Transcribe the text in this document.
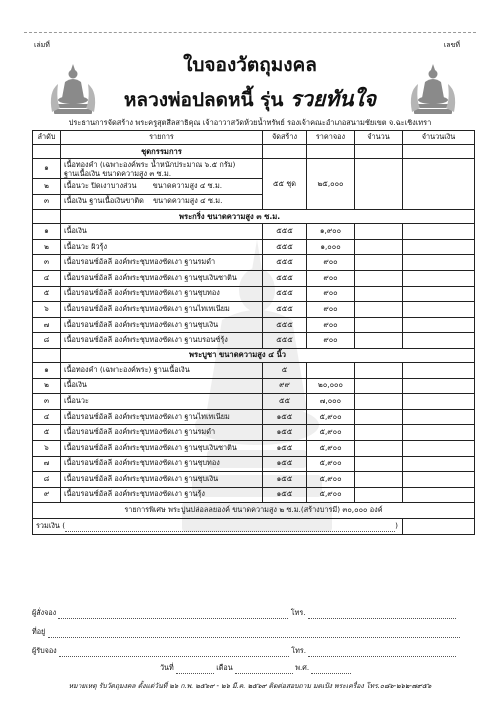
เล่มที่	เลขที่
ใบจองวัตถุมงคล
หลวงพ่อปลดหนี้ รุ่น รวยทันใจ
ประธานการจัดสร้าง พระครูสุตสีลสาธิคุณ เจ้าอาวาสวัดห้วยน้ำทรัพย์ รองเจ้าคณะอำเภอสนามชัยเขต จ.ฉะเชิงเทรา
ลำดับ	รายการ	จัดสร้าง	ราคาจอง	จำนวน	จำนวนเงิน
	ชุดกรรมการ				
๑	เนื้อทองคำ (เฉพาะองค์พระ น้ำหนักประมาณ ๖.๕ กรัม)
ฐานเนื้อเงิน ขนาดความสูง ๓ ซ.ม.	๕๕ ชุด	๒๕,๐๐๐		
๒	เนื้อนวะ ปิดเงาบางส่วน ขนาดความสูง ๔ ซ.ม.				
๓	เนื้อเงิน ฐานเนื้อเงินขาติด ขนาดความสูง ๔ ซ.ม.				
	พระกริ่ง ขนาดความสูง ๓ ซ.ม.				
๑	เนื้อเงิน	๕๕๕	๑,๙๐๐		
๒	เนื้อนวะ ผิวรุ้ง	๕๕๕	๑,๐๐๐		
๓	เนื้อบรอนซ์อัลลี องค์พระชุบทองซัดเงา ฐานรมดำ	๕๕๕	๙๐๐		
๔	เนื้อบรอนซ์อัลลี องค์พระชุบทองซัดเงา ฐานชุบเงินซาติน	๕๕๕	๙๐๐		
๕	เนื้อบรอนซ์อัลลี องค์พระชุบทองซัดเงา ฐานชุบทอง	๕๕๕	๙๐๐		
๖	เนื้อบรอนซ์อัลลี องค์พระชุบทองซัดเงา ฐานไทเทเนียม	๕๕๕	๙๐๐		
๗	เนื้อบรอนซ์อัลลี องค์พระชุบทองซัดเงา ฐานชุบเงิน	๕๕๕	๙๐๐		
๘	เนื้อบรอนซ์อัลลี องค์พระชุบทองซัดเงา ฐานบรอนซ์รุ้ง	๕๕๕	๙๐๐		
	พระบูชา ขนาดความสูง ๔ นิ้ว				
๑	เนื้อทองคำ (เฉพาะองค์พระ) ฐานเนื้อเงิน	๕			
๒	เนื้อเงิน	๙๙	๒๐,๐๐๐		
๓	เนื้อนวะ	๕๕	๗,๐๐๐		
๔	เนื้อบรอนซ์อัลลี องค์พระชุบทองซัดเงา ฐานไทเทเนียม	๑๕๕	๕,๙๐๐		
๕	เนื้อบรอนซ์อัลลี องค์พระชุบทองซัดเงา ฐานรมดำ	๑๕๕	๕,๙๐๐		
๖	เนื้อบรอนซ์อัลลี องค์พระชุบทองซัดเงา ฐานชุบเงินซาติน	๑๕๕	๕,๙๐๐		
๗	เนื้อบรอนซ์อัลลี องค์พระชุบทองซัดเงา ฐานชุบทอง	๑๕๕	๕,๙๐๐		
๘	เนื้อบรอนซ์อัลลี องค์พระชุบทองซัดเงา ฐานชุบเงิน	๑๕๕	๕,๙๐๐		
๙	เนื้อบรอนซ์อัลลี องค์พระชุบทองซัดเงา ฐานรุ้ง	๑๕๕	๕,๙๐๐		
รายการพิเศษ พระปูนปล่อลลยองค์ ขนาดความสูง ๒ ซ.ม.(สร้างบารมี) ๓๐,๐๐๐ องค์					
รวมเงิน ( )					
ผู้สั่งจอง	โทร.
ที่อยู่
ผู้รับจอง	โทร.
วันที่	เดือน	พ.ศ.
หมายเหตุ รับวัตถุมงคล ตั้งแต่วันที่ ๒๖ ก.พ. ๒๕๖๙ - ๒๖ มี.ค. ๒๕๖๙ ติดต่อสอบถาม มดเป้ง พระเครื่อง โทร.๐๘๖-๒๖๒-๗๙๕๖
